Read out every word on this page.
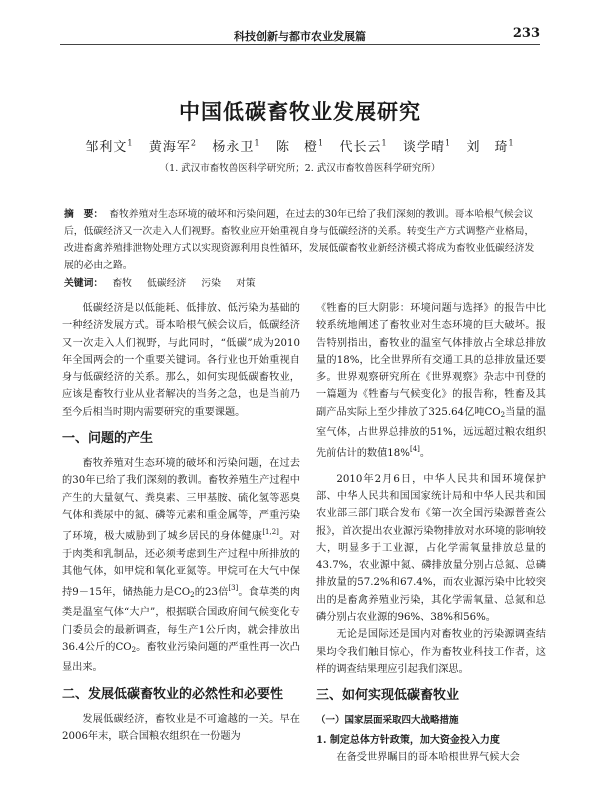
科技创新与都市农业发展篇	233
中国低碳畜牧业发展研究
邹利文$^1$ 黄海军$^2$ 杨永卫$^1$ 陈　橙$^1$ 代长云$^1$ 谈学晴$^1$ 刘　琦$^1$
（1. 武汉市畜牧兽医科学研究所；2. 武汉市畜牧兽医科学研究所）
摘　要： 畜牧养殖对生态环境的破坏和污染问题，在过去的30年已给了我们深刻的教训。哥本哈根气候会议后，低碳经济又一次走入人们视野。畜牧业应开始重视自身与低碳经济的关系。转变生产方式调整产业格局，改进畜禽养殖排泄物处理方式以实现资源利用良性循环，发展低碳畜牧业新经济模式将成为畜牧业低碳经济发展的必由之路。
关键词： 畜牧 低碳经济 污染 对策

低碳经济是以低能耗、低排放、低污染为基础的一种经济发展方式。哥本哈根气候会议后，低碳经济又一次走入人们视野，与此同时，“低碳”成为2010年全国两会的一个重要关键词。各行业也开始重视自身与低碳经济的关系。那么，如何实现低碳畜牧业，应该是畜牧行业从业者解决的当务之急，也是当前乃至今后相当时期内需要研究的重要课题。

一、问题的产生

畜牧养殖对生态环境的破坏和污染问题，在过去的30年已给了我们深刻的教训。畜牧养殖生产过程中产生的大量氨气、粪臭素、三甲基胺、硫化氢等恶臭气体和粪尿中的氮、磷等元素和重金属等，严重污染了环境，极大威胁到了城乡居民的身体健康[1,2]。对于肉类和乳制品，还必须考虑到生产过程中所排放的其他气体，如甲烷和氧化亚氮等。甲烷可在大气中保持9－15年，储热能力是$CO_2$的23倍[3]。食草类的肉类是温室气体“大户”，根据联合国政府间气候变化专门委员会的最新调查，每生产1公斤肉，就会排放出36.4公斤的$CO_2$。畜牧业污染问题的严重性再一次凸显出来。

二、发展低碳畜牧业的必然性和必要性

发展低碳经济，畜牧业是不可逾越的一关。早在2006年末，联合国粮农组织在一份题为

《牲畜的巨大阴影：环境问题与选择》的报告中比较系统地阐述了畜牧业对生态环境的巨大破坏。报告特别指出，畜牧业的温室气体排放占全球总排放量的18%，比全世界所有交通工具的总排放量还要多。世界观察研究所在《世界观察》杂志中刊登的一篇题为《牲畜与气候变化》的报告称，牲畜及其副产品实际上至少排放了325.64亿吨$CO_2$当量的温室气体，占世界总排放的51%，远远超过粮农组织先前估计的数值18%[4]。

2010年2月6日，中华人民共和国环境保护部、中华人民共和国国家统计局和中华人民共和国农业部三部门联合发布《第一次全国污染源普查公报》，首次提出农业源污染物排放对水环境的影响较大，明显多于工业源，占化学需氧量排放总量的43.7%，农业源中氮、磷排放量分别占总氮、总磷排放量的57.2%和67.4%，而农业源污染中比较突出的是畜禽养殖业污染，其化学需氧量、总氮和总磷分别占农业源的96%、38%和56%。

无论是国际还是国内对畜牧业的污染源调查结果均令我们触目惊心，作为畜牧业科技工作者，这样的调查结果理应引起我们深思。

三、如何实现低碳畜牧业
（一）国家层面采取四大战略措施
1. 制定总体方针政策，加大资金投入力度

在备受世界瞩目的哥本哈根世界气候大会
